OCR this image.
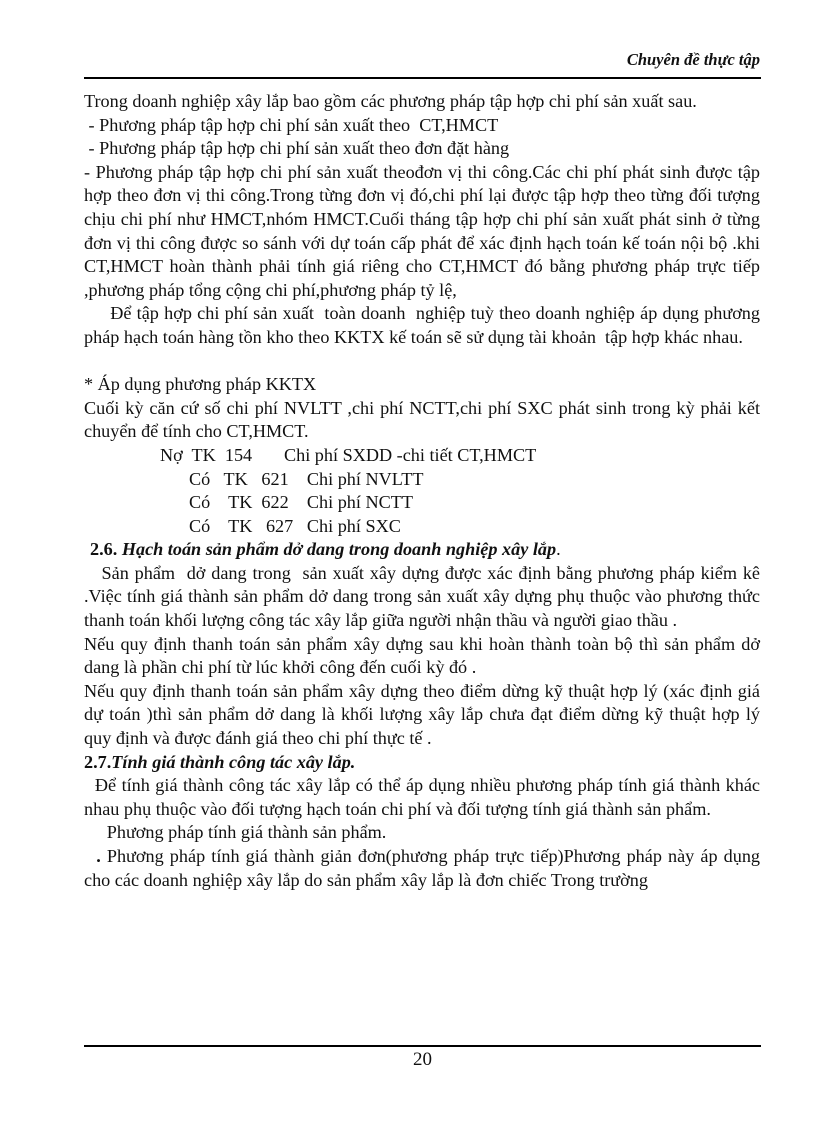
Chuyên đề thực tập

Trong doanh nghiệp xây lắp bao gồm các phương pháp tập hợp chi phí sản xuất sau.

- Phương pháp tập hợp chi phí sản xuất theo  CT,HMCT

- Phương pháp tập hợp chi phí sản xuất theo đơn đặt hàng

- Phương pháp tập hợp chi phí sản xuất theođơn vị thi công.Các chi phí phát sinh được tập hợp theo đơn vị thi công.Trong từng đơn vị đó,chi phí lại được tập hợp theo từng đối tượng chịu chi phí như HMCT,nhóm HMCT.Cuối tháng tập hợp chi phí sản xuất phát sinh ở từng đơn vị thi công được so sánh với dự toán cấp phát để xác định hạch toán kế toán nội bộ .khi CT,HMCT hoàn thành phải tính giá riêng cho CT,HMCT đó bằng phương pháp trực tiếp ,phương pháp tổng cộng chi phí,phương pháp tỷ lệ,

Để tập hợp chi phí sản xuất  toàn doanh  nghiệp tuỳ theo doanh nghiệp áp dụng phương pháp hạch toán hàng tồn kho theo KKTX kế toán sẽ sử dụng tài khoản  tập hợp khác nhau.

* Áp dụng phương pháp KKTX

Cuối kỳ căn cứ số chi phí NVLTT ,chi phí NCTT,chi phí SXC phát sinh trong kỳ phải kết chuyển để tính cho CT,HMCT.

Nợ  TK  154       Chi phí SXDD -chi tiết CT,HMCT

Có   TK   621    Chi phí NVLTT

Có    TK  622    Chi phí NCTT

Có    TK   627   Chi phí SXC

2.6. Hạch toán sản phẩm dở dang trong doanh nghiệp xây lắp.

Sản phẩm  dở dang trong  sản xuất xây dựng được xác định bằng phương pháp kiểm kê .Việc tính giá thành sản phẩm dở dang trong sản xuất xây dựng phụ thuộc vào phương thức  thanh toán khối lượng công tác xây lắp giữa người nhận thầu và người giao thầu .

Nếu quy định thanh toán sản phẩm xây dựng sau khi hoàn thành toàn bộ thì sản phẩm dở dang là phần chi phí từ lúc khởi công đến cuối kỳ đó .

Nếu quy định thanh toán sản phẩm xây dựng theo điểm dừng kỹ thuật hợp lý (xác định giá dự toán )thì sản phẩm dở dang là khối lượng xây lắp chưa đạt điểm dừng kỹ thuật hợp lý quy định và được đánh giá theo chi phí thực tế .

2.7.Tính giá thành công tác xây lắp.

Để tính giá thành công tác xây lắp có thể áp dụng nhiều phương pháp tính giá thành khác nhau phụ thuộc vào đối tượng hạch toán chi phí và đối tượng tính giá thành sản phẩm.

Phương pháp tính giá thành sản phẩm.

. Phương pháp tính giá thành giản đơn(phương pháp trực tiếp)Phương pháp này áp dụng cho các doanh nghiệp xây lắp do sản phẩm xây lắp là đơn chiếc Trong trường

20
